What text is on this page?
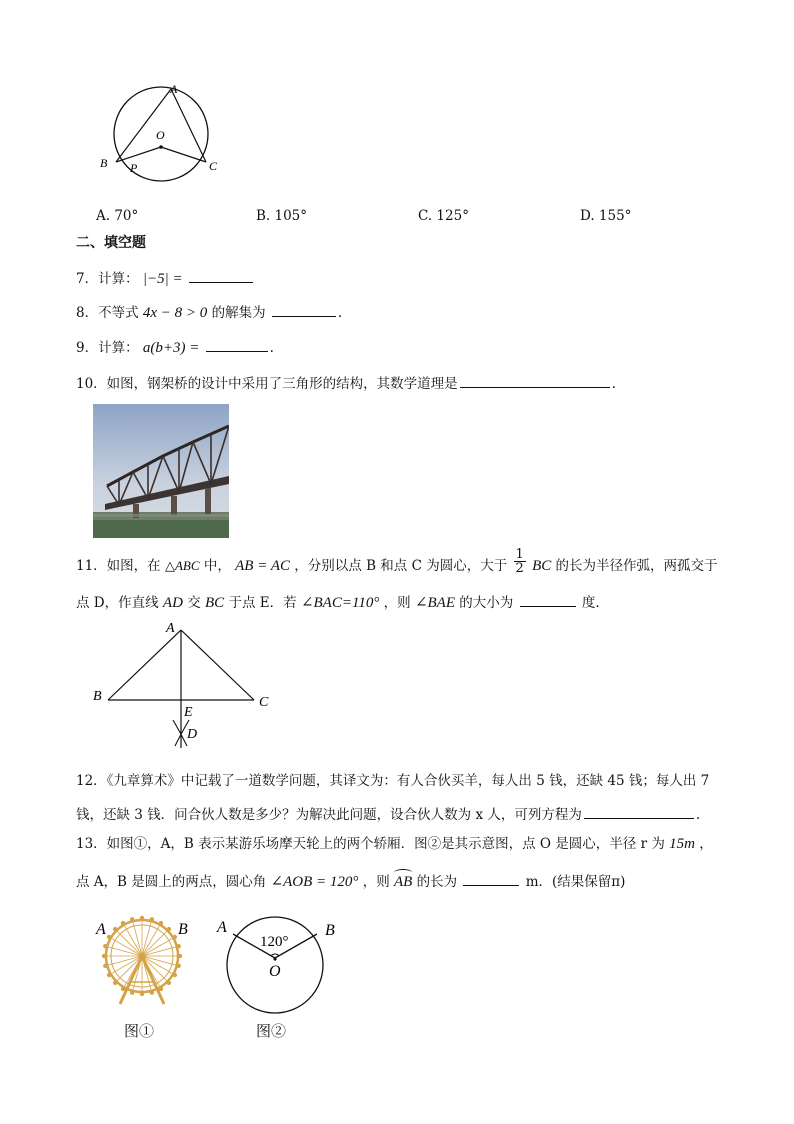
A
O
B P	C
A. 70°	B. 105°	C. 125°	D. 155°
二、填空题
7．计算： |−5| =
8．不等式 4x − 8 > 0 的解集为	.
9．计算： a(b+3) =	.
10．如图，钢架桥的设计中采用了三角形的结构，其数学道理是	.
11．如图，在 △ABC 中， AB = AC ，分别以点 B 和点 C 为圆心，大于 $\frac{1}{2}$ BC 的长为半径作弧，两孤交于
点 D，作直线 AD 交 BC 于点 E．若 ∠BAC=110° ，则 ∠BAE 的大小为	度．
A
B	C
E
D
12．《九章算术》中记载了一道数学问题，其译文为：有人合伙买羊，每人出 5 钱，还缺 45 钱；每人出 7
钱，还缺 3 钱．问合伙人数是多少？为解决此问题，设合伙人数为 x 人，可列方程为	.
13．如图①，A，B 表示某游乐场摩天轮上的两个轿厢．图②是其示意图，点 O 是圆心，半径 r 为 15m ，
点 A，B 是圆上的两点，圆心角 ∠AOB = 120° ，则 AB 的长为	m．(结果保留π)
A	B A	B
120°
O
图①	图②
